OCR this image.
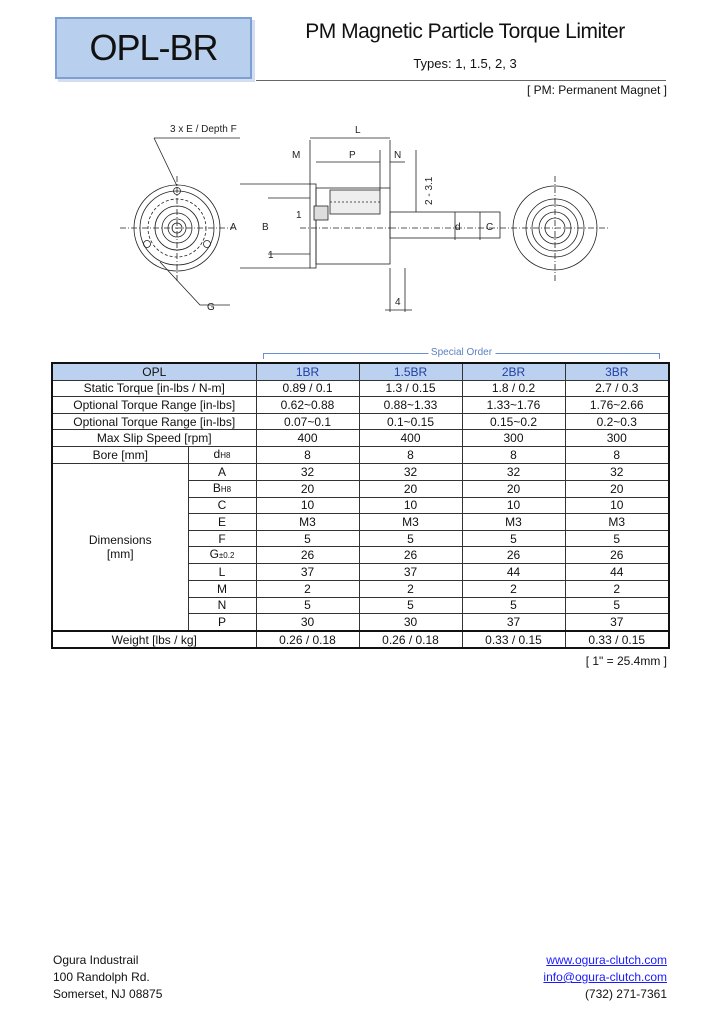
OPL-BR	PM Magnetic Particle Torque Limiter
Types: 1, 1.5, 2, 3
[ PM: Permanent Magnet ]
3 x E / Depth F
G
L
M	P	N
A	B
1
1
2 - 3.1
d	C
4
Special Order
OPL		1BR	1.5BR	2BR	3BR
Static Torque [in-lbs / N-m]		0.89 / 0.1	1.3 / 0.15	1.8 / 0.2	2.7 / 0.3
Optional Torque Range [in-lbs]		0.62~0.88	0.88~1.33	1.33~1.76	1.76~2.66
Optional Torque Range [in-lbs]		0.07~0.1	0.1~0.15	0.15~0.2	0.2~0.3
Max Slip Speed [rpm]		400	400	300	300
Bore [mm]	dH8	8	8	8	8
Dimensions
[mm]	A	32	32	32	32
	BH8	20	20	20	20
	C	10	10	10	10
	E	M3	M3	M3	M3
	F	5	5	5	5
	G±0.2	26	26	26	26
	L	37	37	44	44
	M	2	2	2	2
	N	5	5	5	5
	P	30	30	37	37
Weight [lbs / kg]		0.26 / 0.18	0.26 / 0.18	0.33 / 0.15	0.33 / 0.15
[ 1" = 25.4mm ]
Ogura Industrail
100 Randolph Rd.
Somerset, NJ 08875
www.ogura-clutch.com
info@ogura-clutch.com
(732) 271-7361
